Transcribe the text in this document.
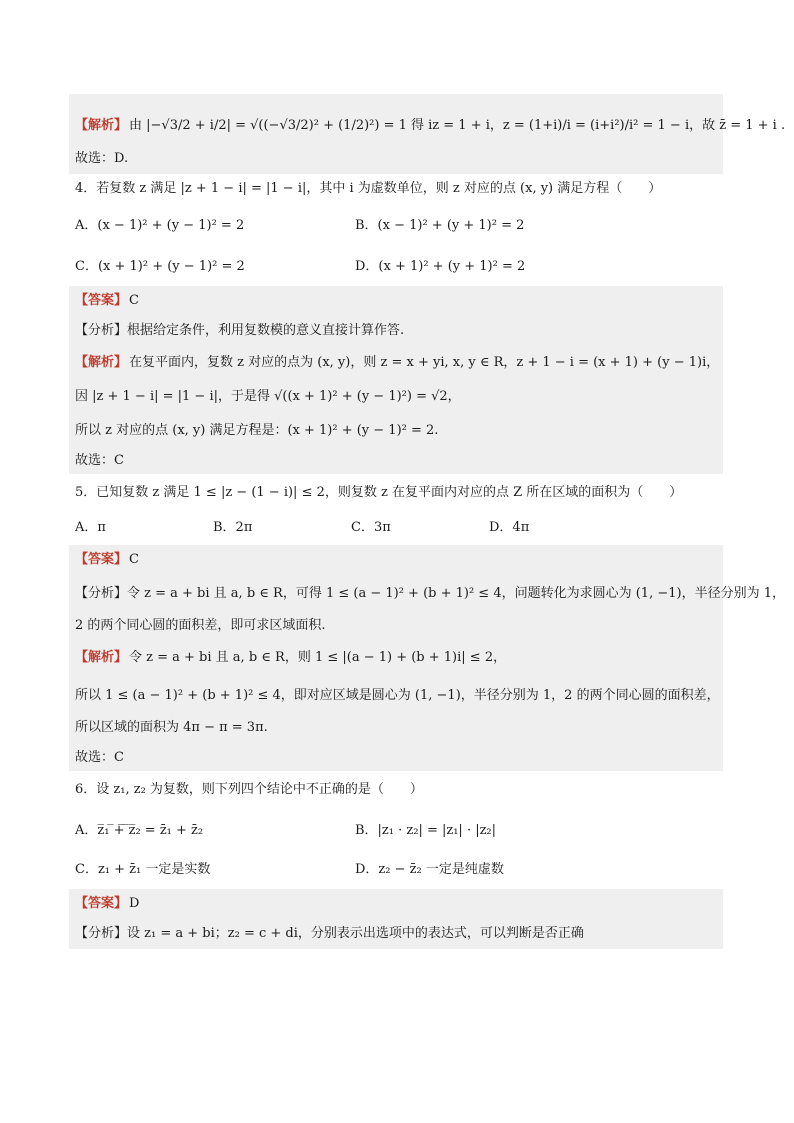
【解析】 由 |−√3/2 + i/2| = √((−√3/2)² + (1/2)²) = 1 得 iz = 1 + i，z = (1+i)/i = (i+i²)/i² = 1 − i，故 z̄ = 1 + i .
故选：D.
4．若复数 z 满足 |z + 1 − i| = |1 − i|，其中 i 为虚数单位，则 z 对应的点 (x, y) 满足方程（　　）
A．(x − 1)² + (y − 1)² = 2	B．(x − 1)² + (y + 1)² = 2
C．(x + 1)² + (y − 1)² = 2	D．(x + 1)² + (y + 1)² = 2
【答案】 C
【分析】 根据给定条件，利用复数模的意义直接计算作答.
【解析】 在复平面内，复数 z 对应的点为 (x, y)，则 z = x + yi, x, y ∈ R，z + 1 − i = (x + 1) + (y − 1)i，
因 |z + 1 − i| = |1 − i|，于是得 √((x + 1)² + (y − 1)²) = √2，
所以 z 对应的点 (x, y) 满足方程是：(x + 1)² + (y − 1)² = 2.
故选：C
5．已知复数 z 满足 1 ≤ |z − (1 − i)| ≤ 2，则复数 z 在复平面内对应的点 Z 所在区域的面积为（　　）
A．π	B．2π	C．3π	D．4π
【答案】 C
【分析】 令 z = a + bi 且 a, b ∈ R，可得 1 ≤ (a − 1)² + (b + 1)² ≤ 4，问题转化为求圆心为 (1, −1)，半径分别为 1，
2 的两个同心圆的面积差，即可求区域面积.
【解析】 令 z = a + bi 且 a, b ∈ R，则 1 ≤ |(a − 1) + (b + 1)i| ≤ 2，
所以 1 ≤ (a − 1)² + (b + 1)² ≤ 4，即对应区域是圆心为 (1, −1)，半径分别为 1，2 的两个同心圆的面积差，
所以区域的面积为 4π − π = 3π.
故选：C
6．设 z₁, z₂ 为复数，则下列四个结论中不正确的是（　　）
A．z̅₁ ̅+̅ ̅z̅₂ = z̄₁ + z̄₂	B．|z₁ · z₂| = |z₁| · |z₂|
C．z₁ + z̄₁ 一定是实数	D．z₂ − z̄₂ 一定是纯虚数
【答案】 D
【分析】 设 z₁ = a + bi；z₂ = c + di，分别表示出选项中的表达式，可以判断是否正确
